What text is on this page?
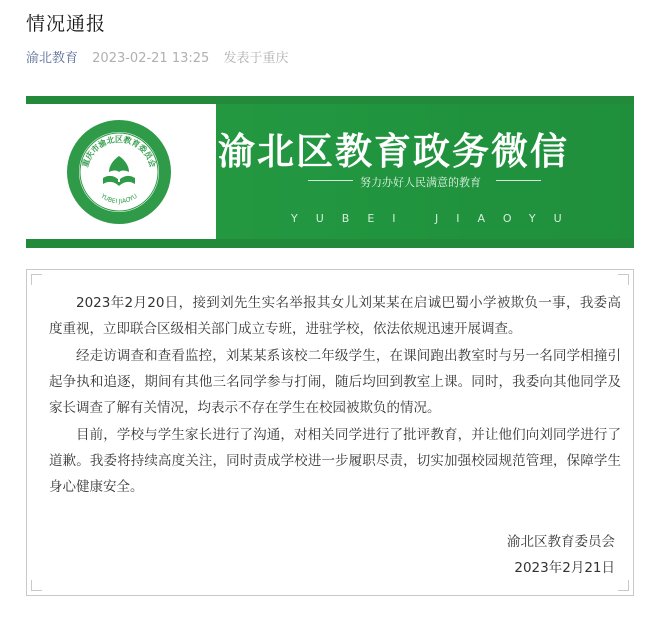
情况通报
渝北教育 2023-02-21 13:25 发表于重庆
重庆市渝北区教育委员会
YUBEI JIAOYU
渝北区教育政务微信
努力办好人民满意的教育
YUBEI JIAOYU

2023年2月20日，接到刘先生实名举报其女儿刘某某在启诚巴蜀小学被欺负一事，我委高度重视，立即联合区级相关部门成立专班，进驻学校，依法依规迅速开展调查。

经走访调查和查看监控，刘某某系该校二年级学生，在课间跑出教室时与另一名同学相撞引起争执和追逐，期间有其他三名同学参与打闹，随后均回到教室上课。同时，我委向其他同学及家长调查了解有关情况，均表示不存在学生在校园被欺负的情况。

目前，学校与学生家长进行了沟通，对相关同学进行了批评教育，并让他们向刘同学进行了道歉。我委将持续高度关注，同时责成学校进一步履职尽责，切实加强校园规范管理，保障学生身心健康安全。

渝北区教育委员会
2023年2月21日
